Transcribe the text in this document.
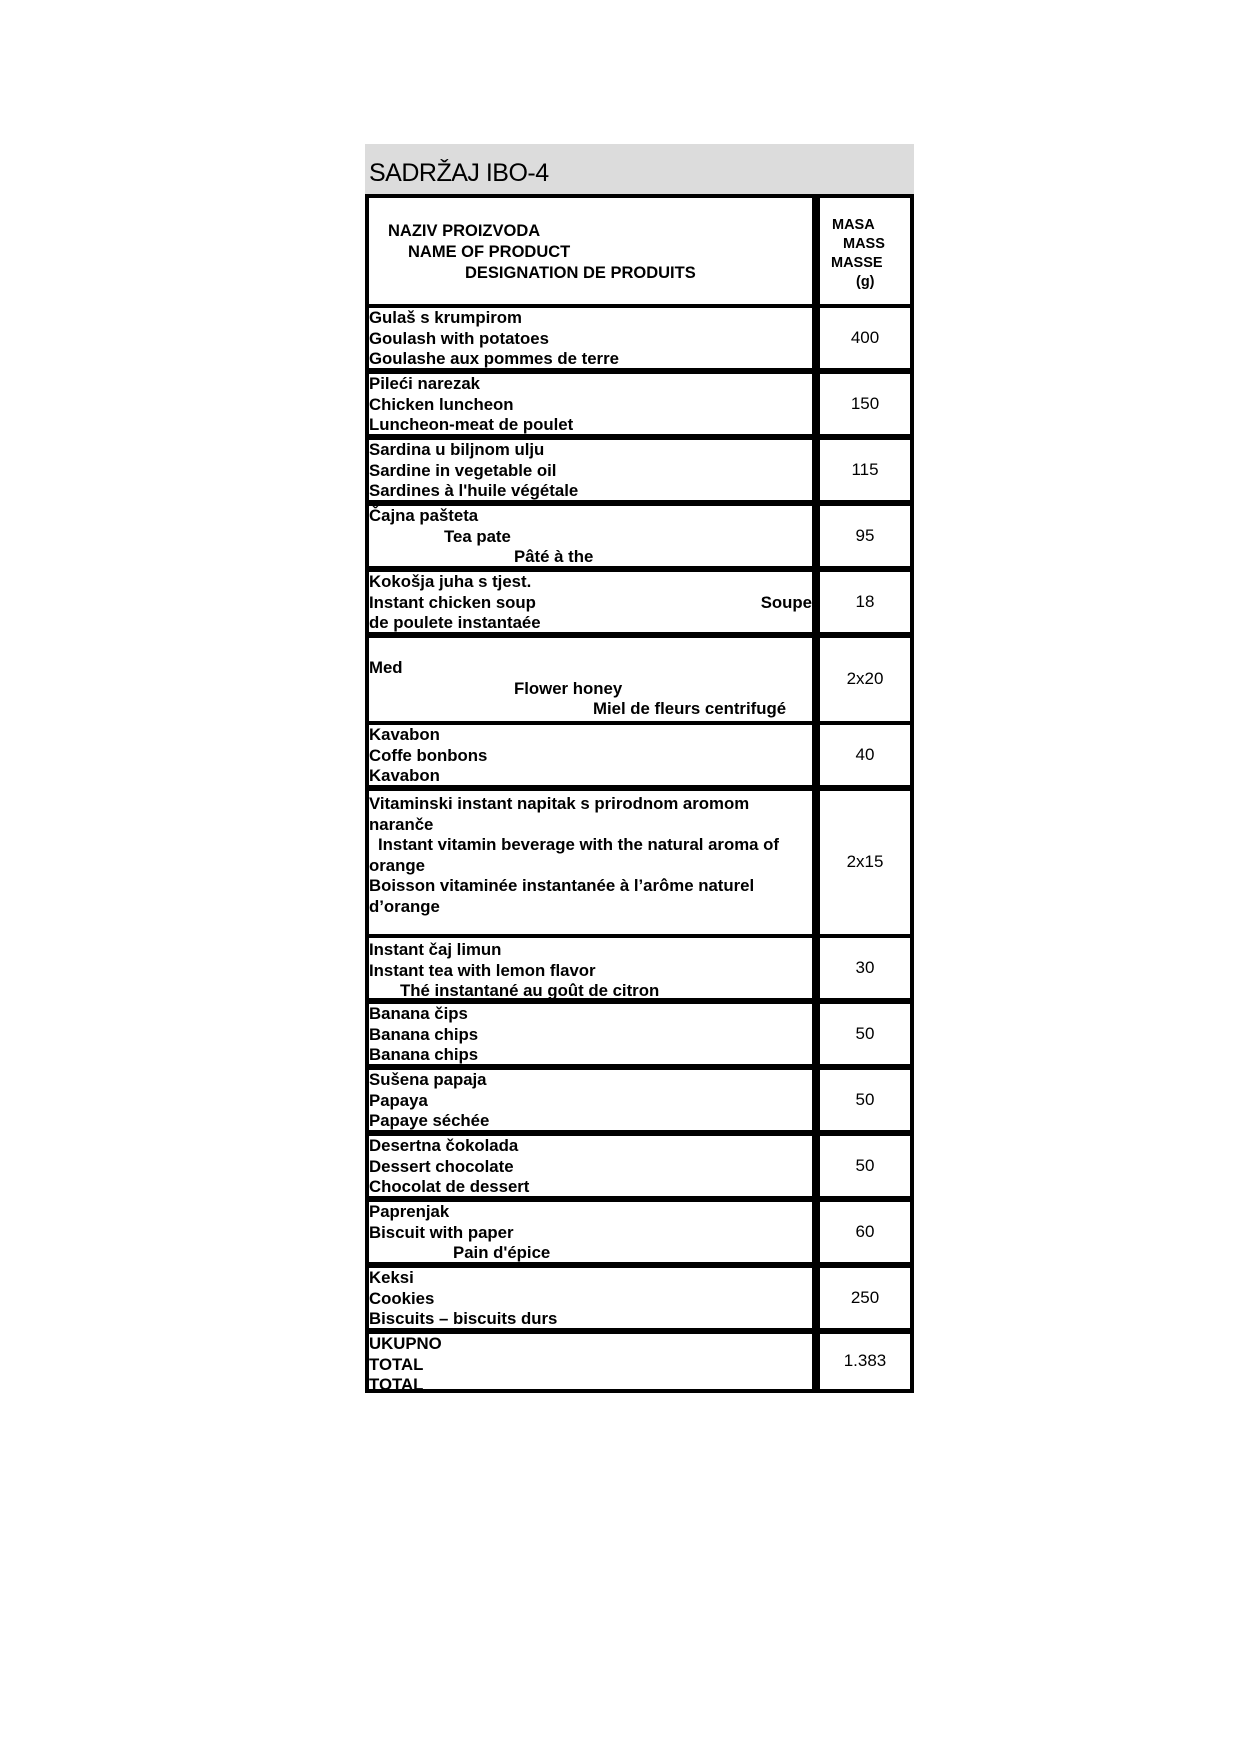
SADRŽAJ IBO-4
NAZIV PROIZVODA
NAME OF PRODUCT
DESIGNATION DE PRODUITS
MASA
MASS
MASSE
(g)
Gulaš s krumpirom
Goulash with potatoes
Goulashe aux pommes de terre
400
Pileći narezak
Chicken luncheon
Luncheon-meat de poulet
150
Sardina u biljnom ulju
Sardine in vegetable oil
Sardines à l'huile végétale
115
Čajna pašteta
Tea pate
Pâté à the
95
Kokošja juha s tjest.
Instant chicken soup	Soupe
de poulete instantaée
18
Med
Flower honey
Miel de fleurs centrifugé
2x20
Kavabon
Coffe bonbons
Kavabon
40
Vitaminski instant napitak s prirodnom aromom
naranče
Instant vitamin beverage with the natural aroma of
orange
Boisson vitaminée instantanée à l’arôme naturel
d’orange
2x15
Instant čaj limun
Instant tea with lemon flavor
Thé instantané au goût de citron
30
Banana čips
Banana chips
Banana chips
50
Sušena papaja
Papaya
Papaye séchée
50
Desertna čokolada
Dessert chocolate
Chocolat de dessert
50
Paprenjak
Biscuit with paper
Pain d'épice
60
Keksi
Cookies
Biscuits – biscuits durs
250
UKUPNO
TOTAL
TOTAL
1.383
